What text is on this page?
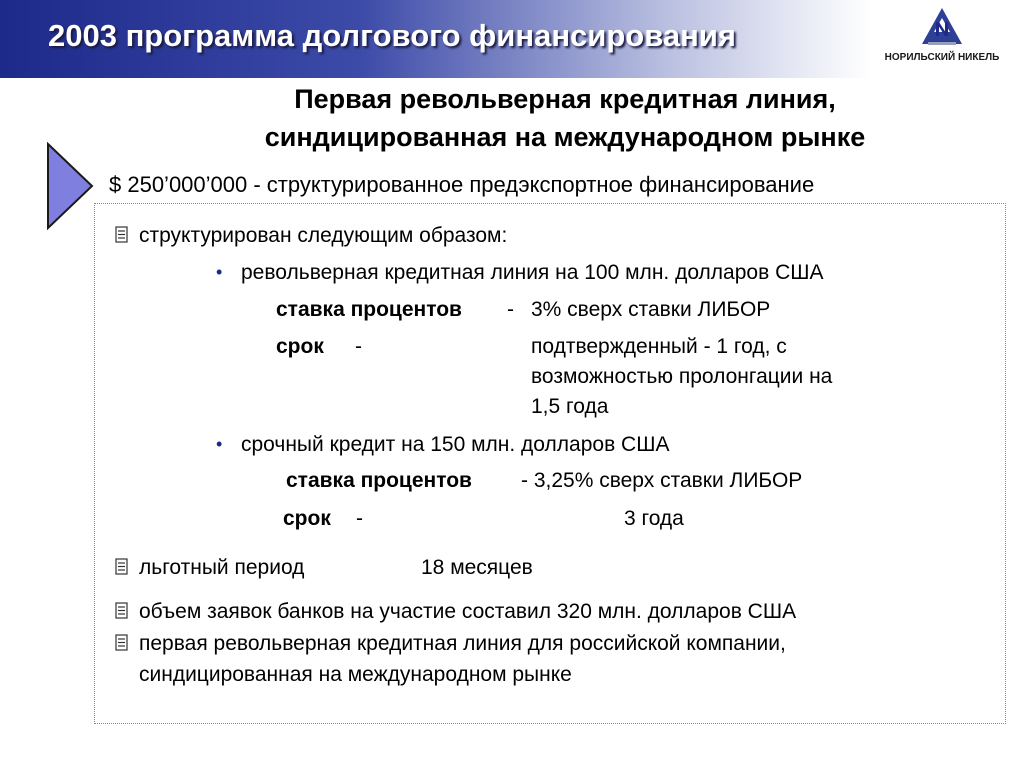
2003 программа долгового финансирования
НОРИЛЬСКИЙ НИКЕЛЬ
Первая револьверная кредитная линия,
синдицированная на международном рынке
$ 250’000’000 - структурированное предэкспортное финансирование
структурирован следующим образом:
• револьверная кредитная линия на 100 млн. долларов США
ставка процентов - 3% сверх ставки ЛИБОР
срок -	подтвержденный - 1 год, с
возможностью пролонгации на
1,5 года
• срочный кредит на 150 млн. долларов США
ставка процентов - 3,25% сверх ставки ЛИБОР
срок -	3 года
льготный период	18 месяцев
объем заявок банков на участие составил 320 млн. долларов США
первая револьверная кредитная линия для российской компании,
синдицированная на международном рынке
